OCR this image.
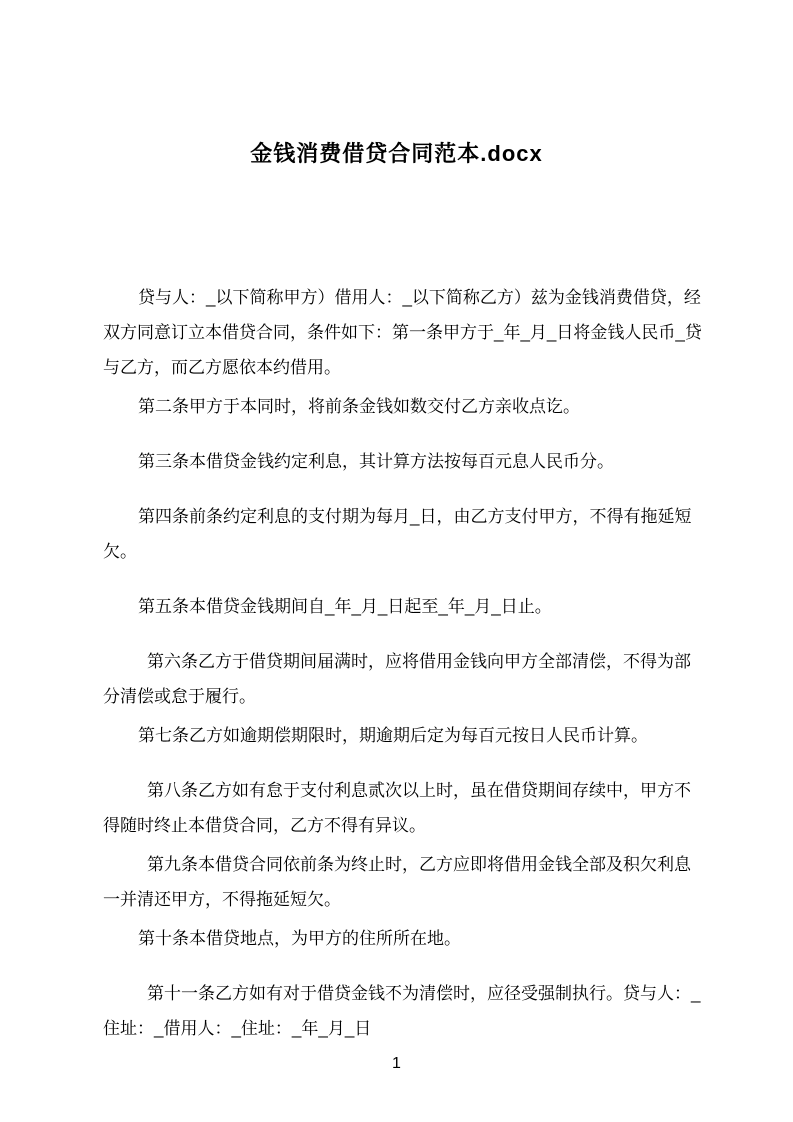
金钱消费借贷合同范本.docx

贷与人：_以下简称甲方）借用人：_以下简称乙方）兹为金钱消费借贷，经双方同意订立本借贷合同，条件如下：第一条甲方于_年_月_日将金钱人民币_贷与乙方，而乙方愿依本约借用。

第二条甲方于本同时，将前条金钱如数交付乙方亲收点讫。

第三条本借贷金钱约定利息，其计算方法按每百元息人民币分。

第四条前条约定利息的支付期为每月_日，由乙方支付甲方，不得有拖延短欠。

第五条本借贷金钱期间自_年_月_日起至_年_月_日止。

第六条乙方于借贷期间届满时，应将借用金钱向甲方全部清偿，不得为部分清偿或怠于履行。

第七条乙方如逾期偿期限时，期逾期后定为每百元按日人民币计算。

第八条乙方如有怠于支付利息贰次以上时，虽在借贷期间存续中，甲方不得随时终止本借贷合同，乙方不得有异议。

第九条本借贷合同依前条为终止时，乙方应即将借用金钱全部及积欠利息一并清还甲方，不得拖延短欠。

第十条本借贷地点，为甲方的住所所在地。

第十一条乙方如有对于借贷金钱不为清偿时，应径受强制执行。贷与人：_住址：_借用人：_住址：_年_月_日

1
